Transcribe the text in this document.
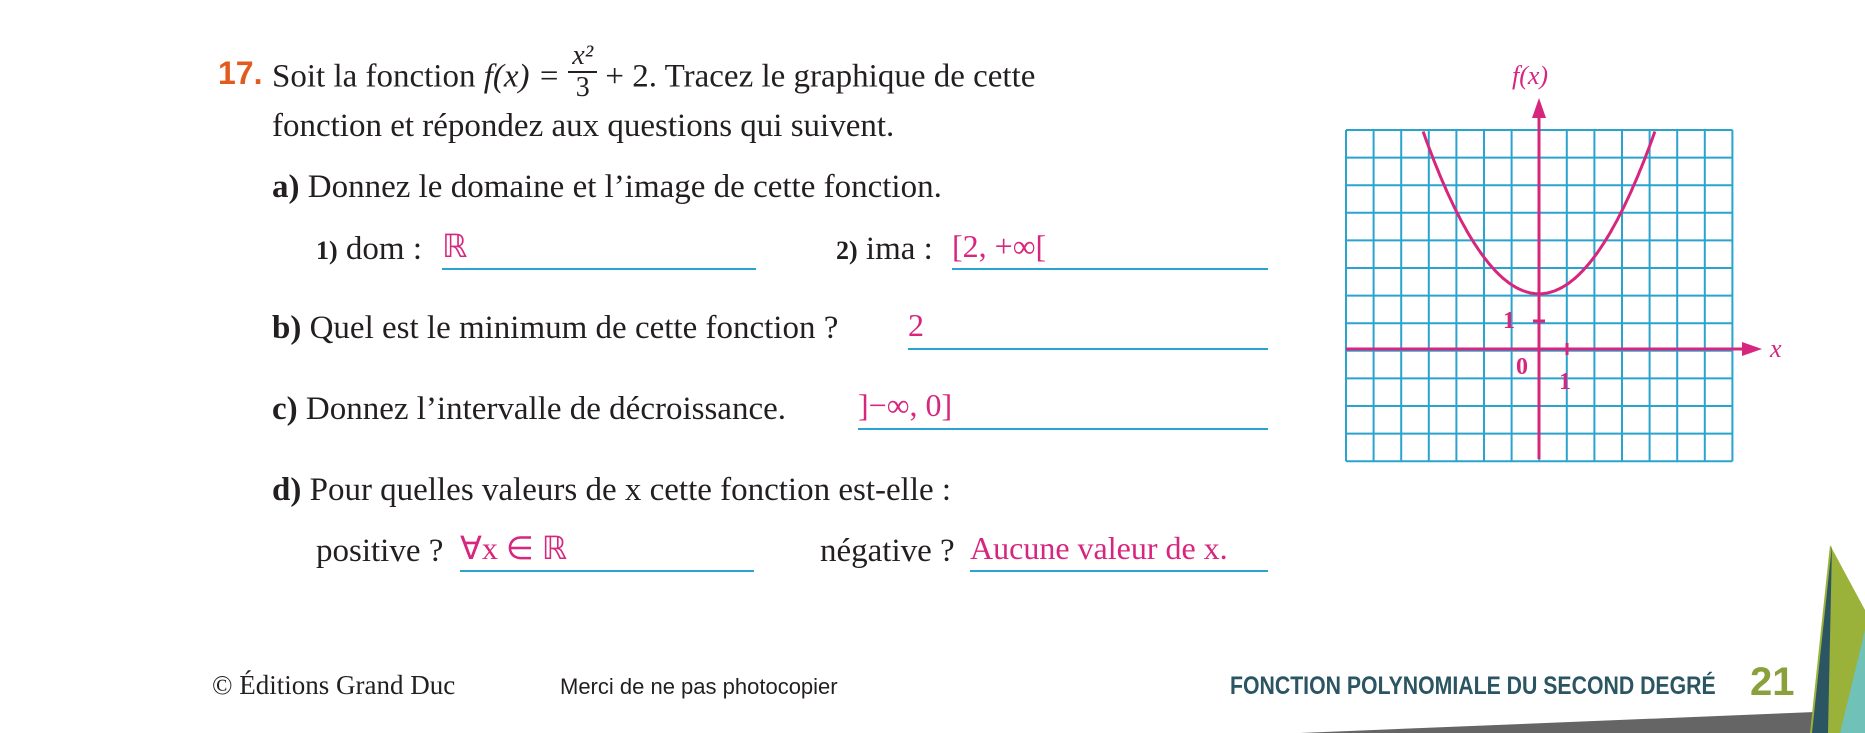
17. Soit la fonction $f(x) = \frac{\text{x²}}{3} + 2$. Tracez le graphique de cette
fonction et répondez aux questions qui suivent.
a) Donnez le domaine et l’image de cette fonction.
1) dom : ℝ	2) ima : [2, +∞[
b) Quel est le minimum de cette fonction ? 2
c) Donnez l’intervalle de décroissance. ]−∞, 0]
d) Pour quelles valeurs de x cette fonction est-elle :
positive ? ∀x ∈ ℝ	négative ? Aucune valeur de x.
f(x)
x
0
1
1
© Éditions Grand Duc	Merci de ne pas photocopier	FONCTION POLYNOMIALE DU SECOND DEGRÉ 21
